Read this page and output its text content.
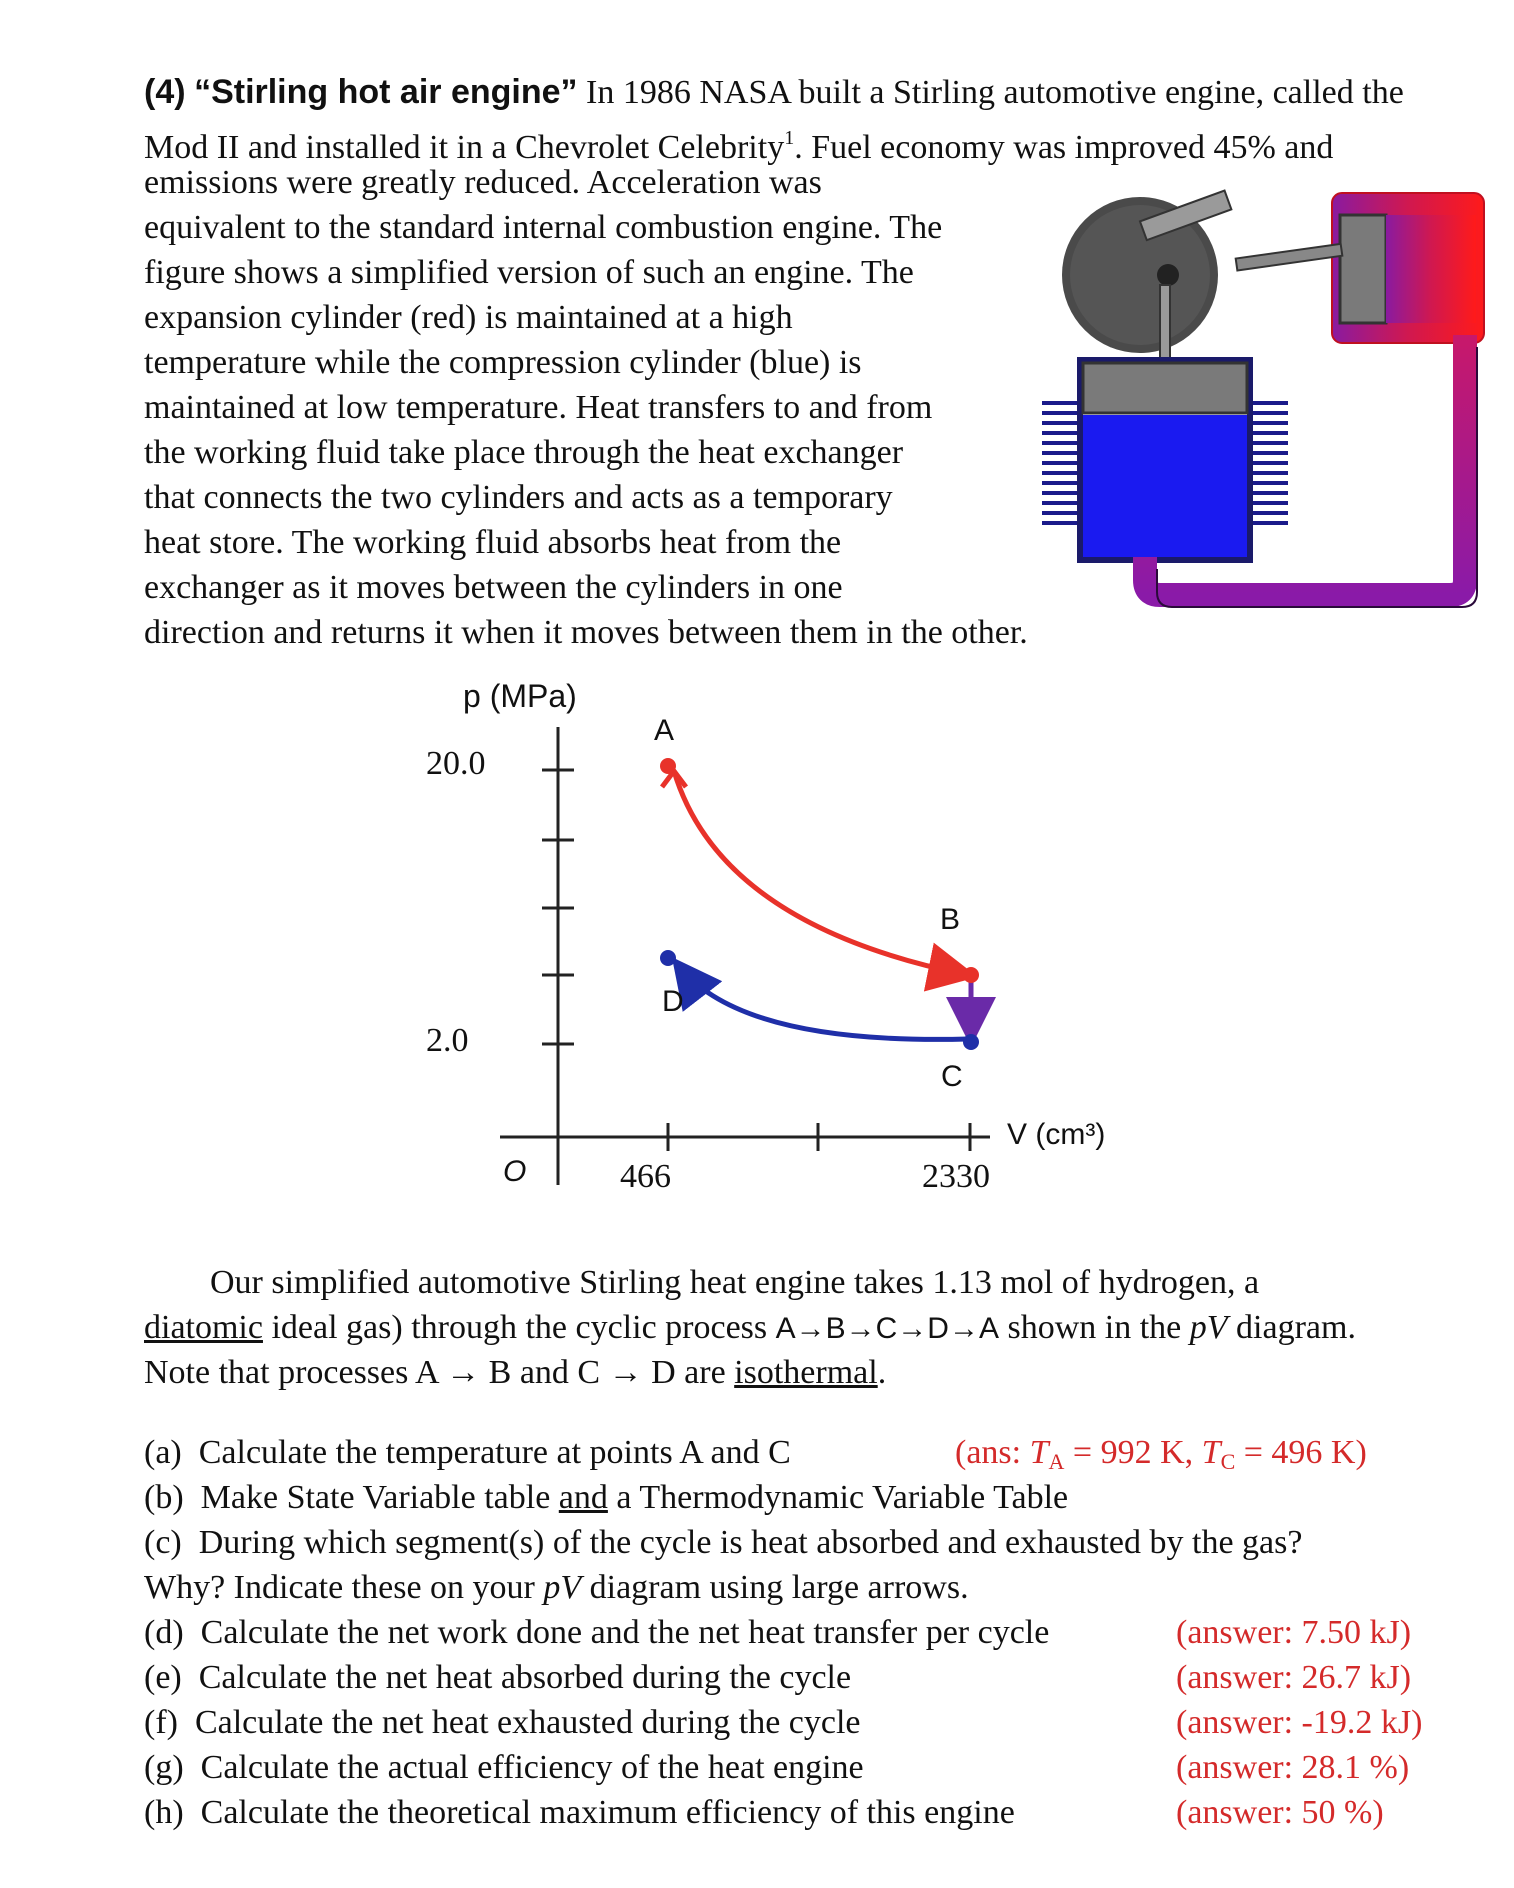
(4) “Stirling hot air engine” In 1986 NASA built a Stirling automotive engine, called the
Mod II and installed it in a Chevrolet Celebrity$^1$. Fuel economy was improved 45% and
emissions were greatly reduced. Acceleration was
equivalent to the standard internal combustion engine. The
figure shows a simplified version of such an engine. The
expansion cylinder (red) is maintained at a high
temperature while the compression cylinder (blue) is
maintained at low temperature. Heat transfers to and from
the working fluid take place through the heat exchanger
that connects the two cylinders and acts as a temporary
heat store. The working fluid absorbs heat from the
exchanger as it moves between the cylinders in one
direction and returns it when it moves between them in the other.
p (MPa)
20.0
2.0
O	466	2330
V (cm³)
A
B
C
D
Our simplified automotive Stirling heat engine takes 1.13 mol of hydrogen, a
diatomic ideal gas) through the cyclic process A→B→C→D→A shown in the pV diagram.
Note that processes A → B and C → D are isothermal.
(a) Calculate the temperature at points A and C	(ans: $T_A = 992$ K, $T_C = 496$ K)
(b) Make State Variable table and a Thermodynamic Variable Table
(c) During which segment(s) of the cycle is heat absorbed and exhausted by the gas?
Why? Indicate these on your pV diagram using large arrows.
(d) Calculate the net work done and the net heat transfer per cycle	(answer: 7.50 kJ)
(e) Calculate the net heat absorbed during the cycle	(answer: 26.7 kJ)
(f) Calculate the net heat exhausted during the cycle	(answer: -19.2 kJ)
(g) Calculate the actual efficiency of the heat engine	(answer: 28.1 %)
(h) Calculate the theoretical maximum efficiency of this engine	(answer: 50 %)
